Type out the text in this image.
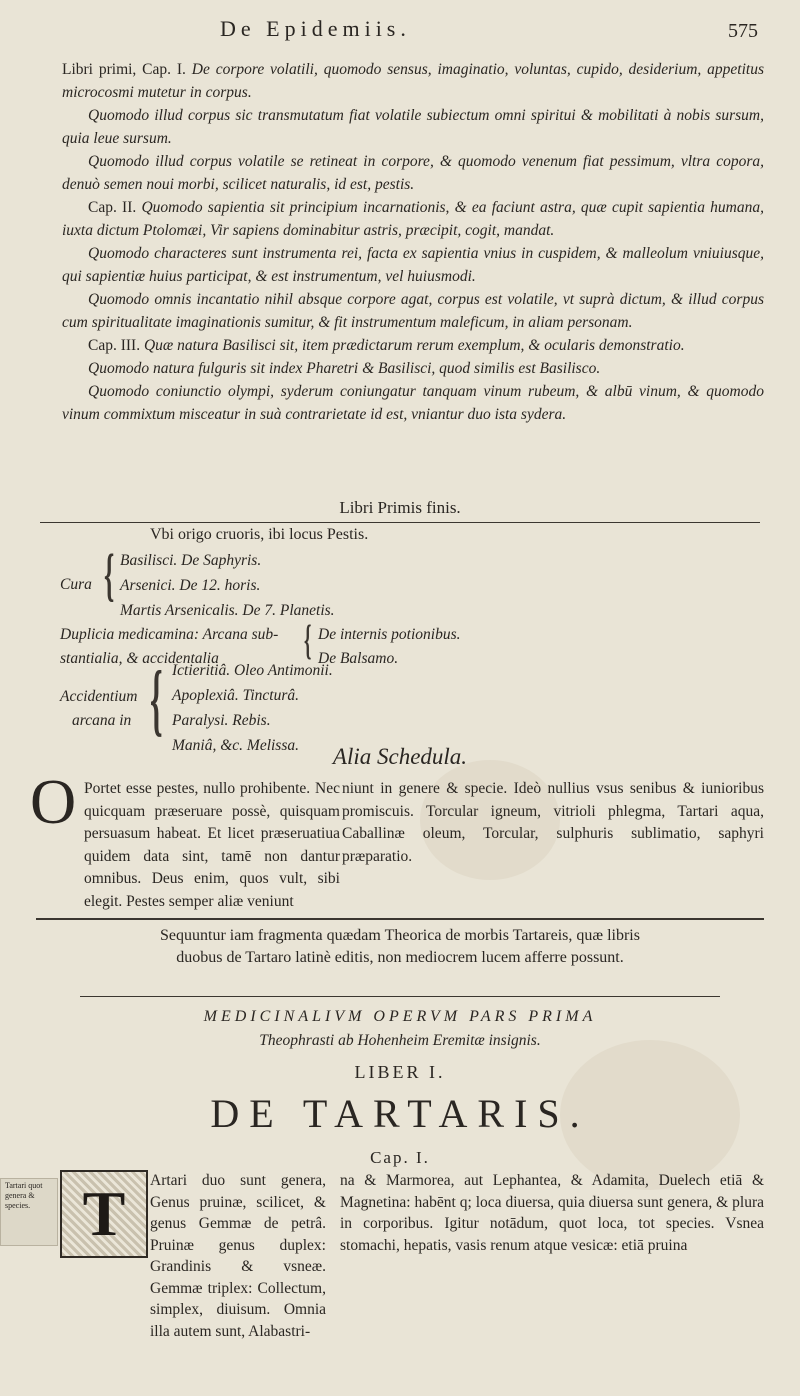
De Epidemiis.	575

Libri primi, Cap. I. De corpore volatili, quomodo sensus, imaginatio, voluntas, cupido, desiderium, appetitus microcosmi mutetur in corpus.

Quomodo illud corpus sic transmutatum fiat volatile subiectum omni spiritui & mobilitati à nobis sursum, quia leue sursum.

Quomodo illud corpus volatile se retineat in corpore, & quomodo venenum fiat pessimum, vltra copora, denuò semen noui morbi, scilicet naturalis, id est, pestis.

Cap. II. Quomodo sapientia sit principium incarnationis, & ea faciunt astra, quæ cupit sapientia humana, iuxta dictum Ptolomæi, Vir sapiens dominabitur astris, præcipit, cogit, mandat.

Quomodo characteres sunt instrumenta rei, facta ex sapientia vnius in cuspidem, & malleolum vniuiusque, qui sapientiæ huius participat, & est instrumentum, vel huiusmodi.

Quomodo omnis incantatio nihil absque corpore agat, corpus est volatile, vt suprà dictum, & illud corpus cum spiritualitate imaginationis sumitur, & fit instrumentum maleficum, in aliam personam.

Cap. III. Quæ natura Basilisci sit, item prædictarum rerum exemplum, & ocularis demonstratio.

Quomodo natura fulguris sit index Pharetri & Basilisci, quod similis est Basilisco.

Quomodo coniunctio olympi, syderum coniungatur tanquam vinum rubeum, & albū vinum, & quomodo vinum commixtum misceatur in suà contrarietate id est, vniantur duo ista sydera.

Libri Primis finis.
Vbi origo cruoris, ibi locus Pestis.
Cura { Basilisci. De Saphyris.
Arsenici. De 12. horis.
Martis Arsenicalis. De 7. Planetis.
Duplicia medicamina: Arcana sub-
stantialia, & accidentalia { De internis potionibus.
De Balsamo.
Accidentium
arcana in { Ictieritiâ. Oleo Antimonii.
Apoplexiâ. Tincturâ.
Paralysi. Rebis.
Maniâ, &c. Melissa.	Alia Schedula.
O Portet esse pestes, nullo prohibente. Nec quicquam præseruare possè, quisquam persuasum habeat. Et licet præseruatiua quidem data sint, tamē non dantur omnibus. Deus enim, quos vult, sibi elegit. Pestes semper aliæ veniunt
niunt in genere & specie. Ideò nullius vsus senibus & iunioribus promiscuis. Torcular igneum, vitrioli phlegma, Tartari aqua, Caballinæ oleum, Torcular, sulphuris sublimatio, saphyri præparatio.
Sequuntur iam fragmenta quædam Theorica de morbis Tartareis, quæ libris duobus de Tartaro latinè editis, non mediocrem lucem afferre possunt.
MEDICINALIVM OPERVM PARS PRIMA
Theophrasti ab Hohenheim Eremitæ insignis.
LIBER I.
DE TARTARIS.
Cap. I.
Tartari quot genera & species. T	Artari duo sunt genera, Genus pruinæ, scilicet, & genus Gemmæ de petrâ. Pruinæ genus duplex: Grandinis & vsneæ. Gemmæ triplex: Collectum, simplex, diuisum. Omnia illa autem sunt, Alabastri-
na & Marmorea, aut Lephantea, & Adamita, Duelech etiā & Magnetina: habēnt q; loca diuersa, quia diuersa sunt genera, & plura in corporibus. Igitur notādum, quot loca, tot species. Vsnea stomachi, hepatis, vasis renum atque vesicæ: etiā pruina
